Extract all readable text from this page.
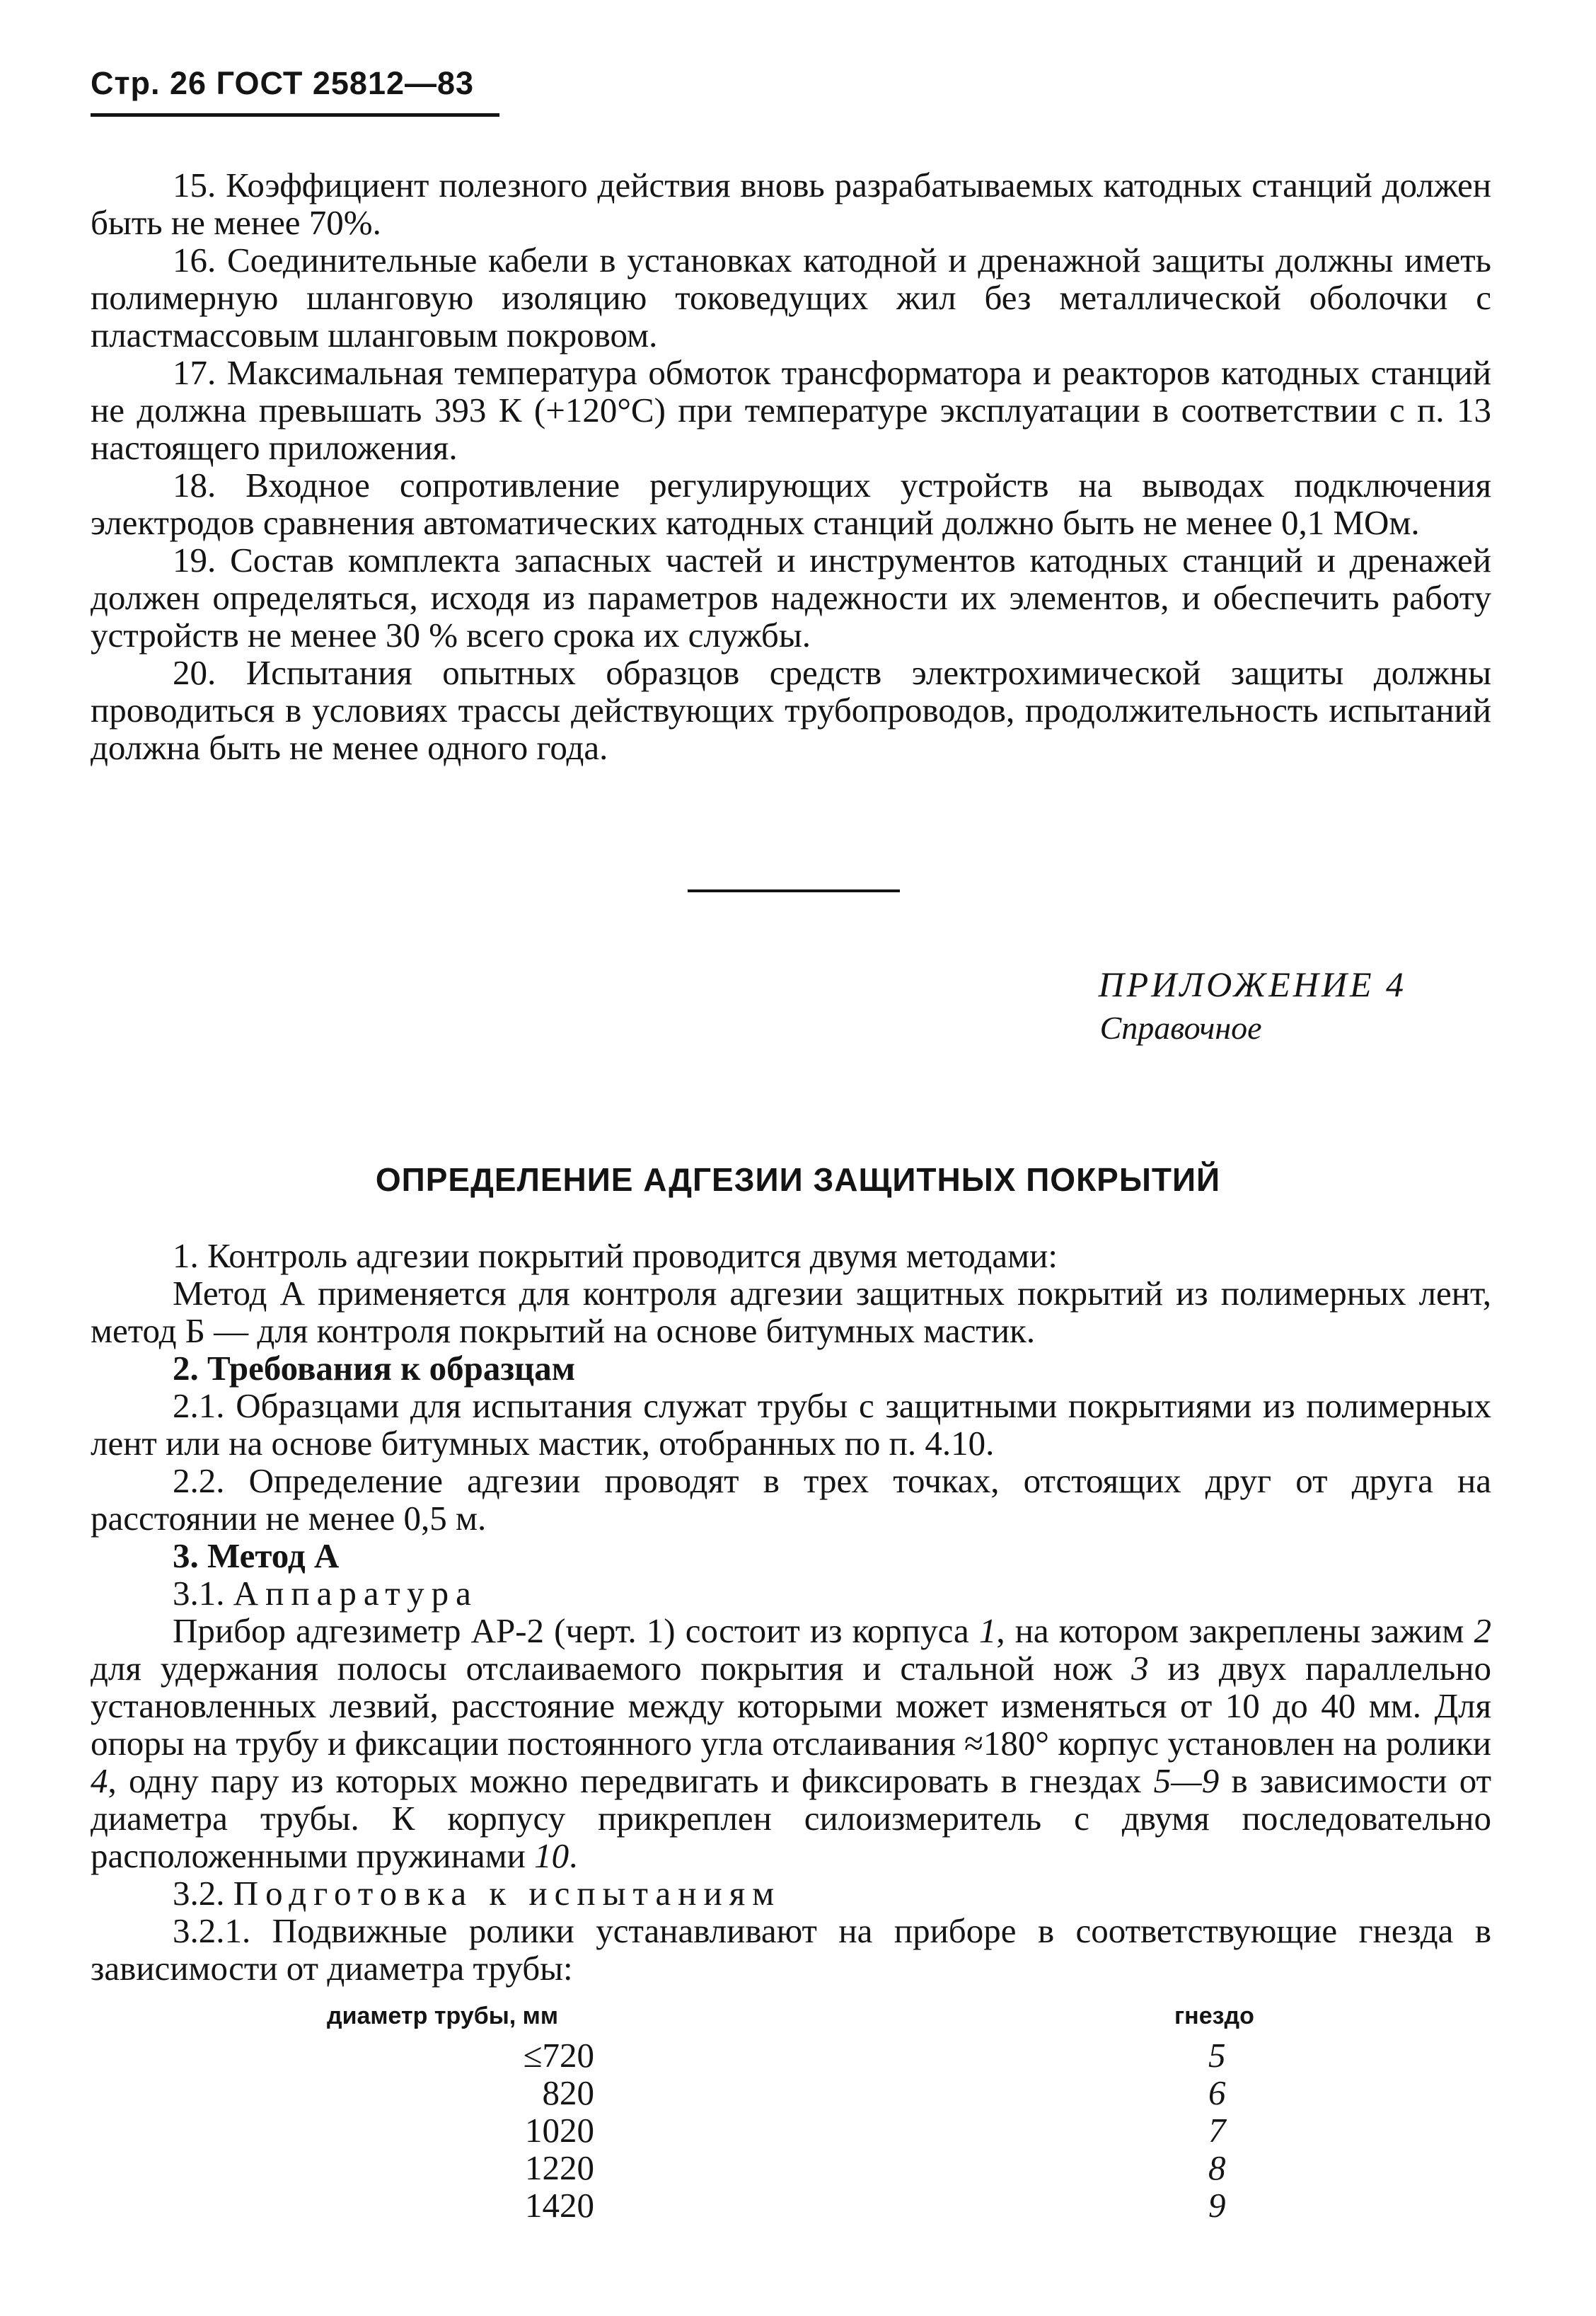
Стр. 26 ГОСТ 25812—83

15. Коэффициент полезного действия вновь разрабатываемых катодных станций должен быть не менее 70%.

16. Соединительные кабели в установках катодной и дренажной защиты должны иметь полимерную шланговую изоляцию токоведущих жил без металлической оболочки с пластмассовым шланговым покровом.

17. Максимальная температура обмоток трансформатора и реакторов катодных станций не должна превышать 393 К (+120°С) при температуре эксплуатации в соответствии с п. 13 настоящего приложения.

18. Входное сопротивление регулирующих устройств на выводах подключения электродов сравнения автоматических катодных станций должно быть не менее 0,1 МОм.

19. Состав комплекта запасных частей и инструментов катодных станций и дренажей должен определяться, исходя из параметров надежности их элементов, и обеспечить работу устройств не менее 30 % всего срока их службы.

20. Испытания опытных образцов средств электрохимической защиты должны проводиться в условиях трассы действующих трубопроводов, продолжительность испытаний должна быть не менее одного года.

ПРИЛОЖЕНИЕ 4
Справочное
ОПРЕДЕЛЕНИЕ АДГЕЗИИ ЗАЩИТНЫХ ПОКРЫТИЙ

1. Контроль адгезии покрытий проводится двумя методами:

Метод А применяется для контроля адгезии защитных покрытий из полимерных лент, метод Б — для контроля покрытий на основе битумных мастик.

2. Требования к образцам

2.1. Образцами для испытания служат трубы с защитными покрытиями из полимерных лент или на основе битумных мастик, отобранных по п. 4.10.

2.2. Определение адгезии проводят в трех точках, отстоящих друг от друга на расстоянии не менее 0,5 м.

3. Метод А

3.1. Аппаратура

Прибор адгезиметр АР-2 (черт. 1) состоит из корпуса 1, на котором закреплены зажим 2 для удержания полосы отслаиваемого покрытия и стальной нож 3 из двух параллельно установленных лезвий, расстояние между которыми может изменяться от 10 до 40 мм. Для опоры на трубу и фиксации постоянного угла отслаивания ≈180° корпус установлен на ролики 4, одну пару из которых можно передвигать и фиксировать в гнездах 5—9 в зависимости от диаметра трубы. К корпусу прикреплен силоизмеритель с двумя последовательно расположенными пружинами 10.

3.2. Подготовка к испытаниям

3.2.1. Подвижные ролики устанавливают на приборе в соответствующие гнезда в зависимости от диаметра трубы:

диаметр трубы, мм	гнездо
≤720	5
820	6
1020	7
1220	8
1420	9
